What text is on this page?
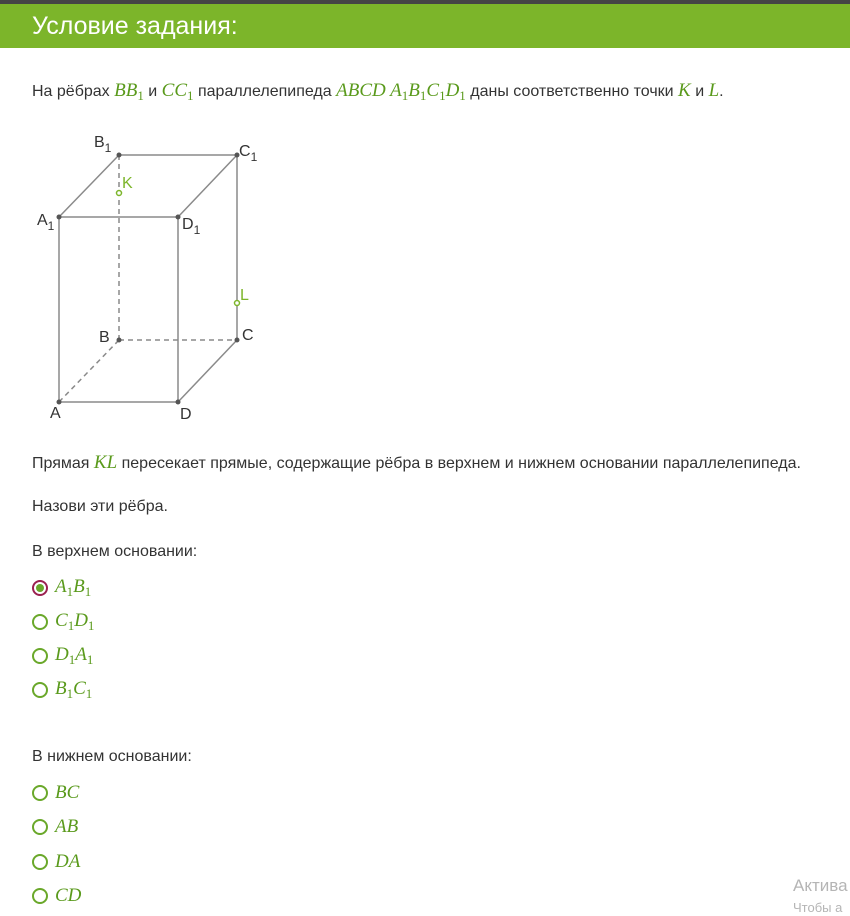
Условие задания:
На рёбрах $BB_1$ и $CC_1$ параллелепипеда ABCD $A_1B_1C_1D_1$ даны соответственно точки K и L.
$B_1$	$C_1$
$A_1$	$D_1$
B	C
A	D
K
L
Прямая KL пересекает прямые, содержащие рёбра в верхнем и нижнем основании параллелепипеда.
Назови эти рёбра.
В верхнем основании:
$A_1B_1$
$C_1D_1$
$D_1A_1$
$B_1C_1$
В нижнем основании:
BC
AB
DA
CD	Актива
Чтобы а
